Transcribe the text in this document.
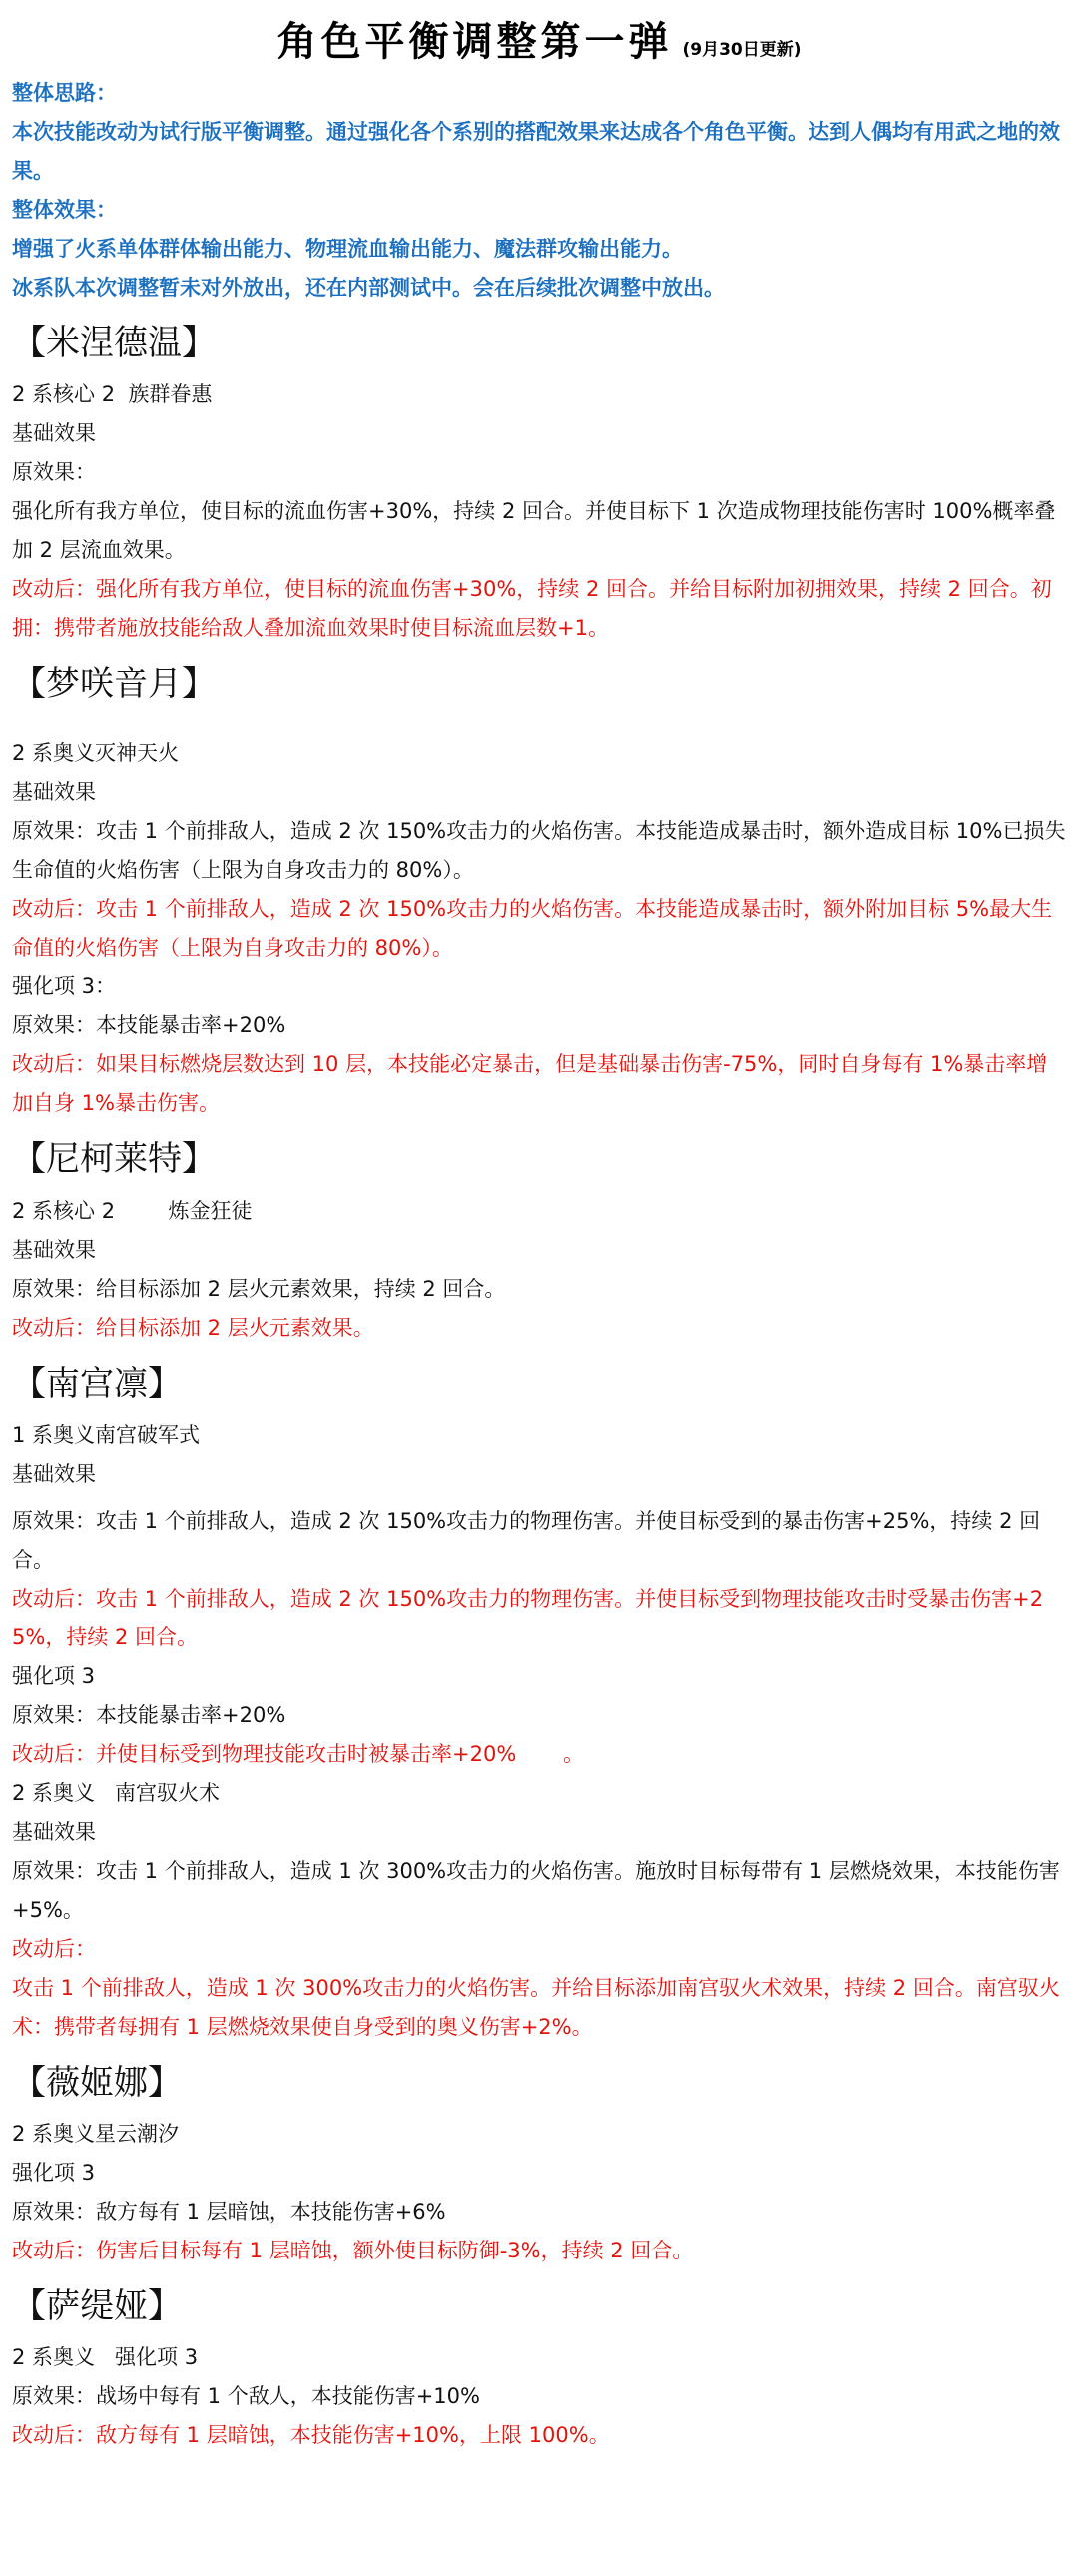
角色平衡调整第一弹 (9月30日更新)

整体思路：

本次技能改动为试行版平衡调整。通过强化各个系别的搭配效果来达成各个角色平衡。达到人偶均有用武之地的效果。

整体效果：

增强了火系单体群体输出能力、物理流血输出能力、魔法群攻输出能力。

冰系队本次调整暂未对外放出，还在内部测试中。会在后续批次调整中放出。

【米涅德温】

2 系核心 2  族群眷惠

基础效果

原效果：

强化所有我方单位，使目标的流血伤害+30%，持续 2 回合。并使目标下 1 次造成物理技能伤害时 100%概率叠加 2 层流血效果。

改动后：强化所有我方单位，使目标的流血伤害+30%，持续 2 回合。并给目标附加初拥效果，持续 2 回合。初拥：携带者施放技能给敌人叠加流血效果时使目标流血层数+1。

【梦咲音月】

2 系奥义灭神天火

基础效果

原效果：攻击 1 个前排敌人，造成 2 次 150%攻击力的火焰伤害。本技能造成暴击时，额外造成目标 10%已损失生命值的火焰伤害（上限为自身攻击力的 80%）。

改动后：攻击 1 个前排敌人，造成 2 次 150%攻击力的火焰伤害。本技能造成暴击时，额外附加目标 5%最大生命值的火焰伤害（上限为自身攻击力的 80%）。

强化项 3：

原效果：本技能暴击率+20%

改动后：如果目标燃烧层数达到 10 层，本技能必定暴击，但是基础暴击伤害-75%，同时自身每有 1%暴击率增加自身 1%暴击伤害。

【尼柯莱特】

2 系核心 2        炼金狂徒

基础效果

原效果：给目标添加 2 层火元素效果，持续 2 回合。

改动后：给目标添加 2 层火元素效果。

【南宫凛】

1 系奥义南宫破军式

基础效果

原效果：攻击 1 个前排敌人，造成 2 次 150%攻击力的物理伤害。并使目标受到的暴击伤害+25%，持续 2 回合。

改动后：攻击 1 个前排敌人，造成 2 次 150%攻击力的物理伤害。并使目标受到物理技能攻击时受暴击伤害+25%，持续 2 回合。

强化项 3

原效果：本技能暴击率+20%

改动后：并使目标受到物理技能攻击时被暴击率+20%       。

2 系奥义   南宫驭火术

基础效果

原效果：攻击 1 个前排敌人，造成 1 次 300%攻击力的火焰伤害。施放时目标每带有 1 层燃烧效果，本技能伤害+5%。

改动后：

攻击 1 个前排敌人，造成 1 次 300%攻击力的火焰伤害。并给目标添加南宫驭火术效果，持续 2 回合。南宫驭火术：携带者每拥有 1 层燃烧效果使自身受到的奥义伤害+2%。

【薇姬娜】

2 系奥义星云潮汐

强化项 3

原效果：敌方每有 1 层暗蚀，本技能伤害+6%

改动后：伤害后目标每有 1 层暗蚀，额外使目标防御-3%，持续 2 回合。

【萨缇娅】

2 系奥义   强化项 3

原效果：战场中每有 1 个敌人，本技能伤害+10%

改动后：敌方每有 1 层暗蚀，本技能伤害+10%，上限 100%。
